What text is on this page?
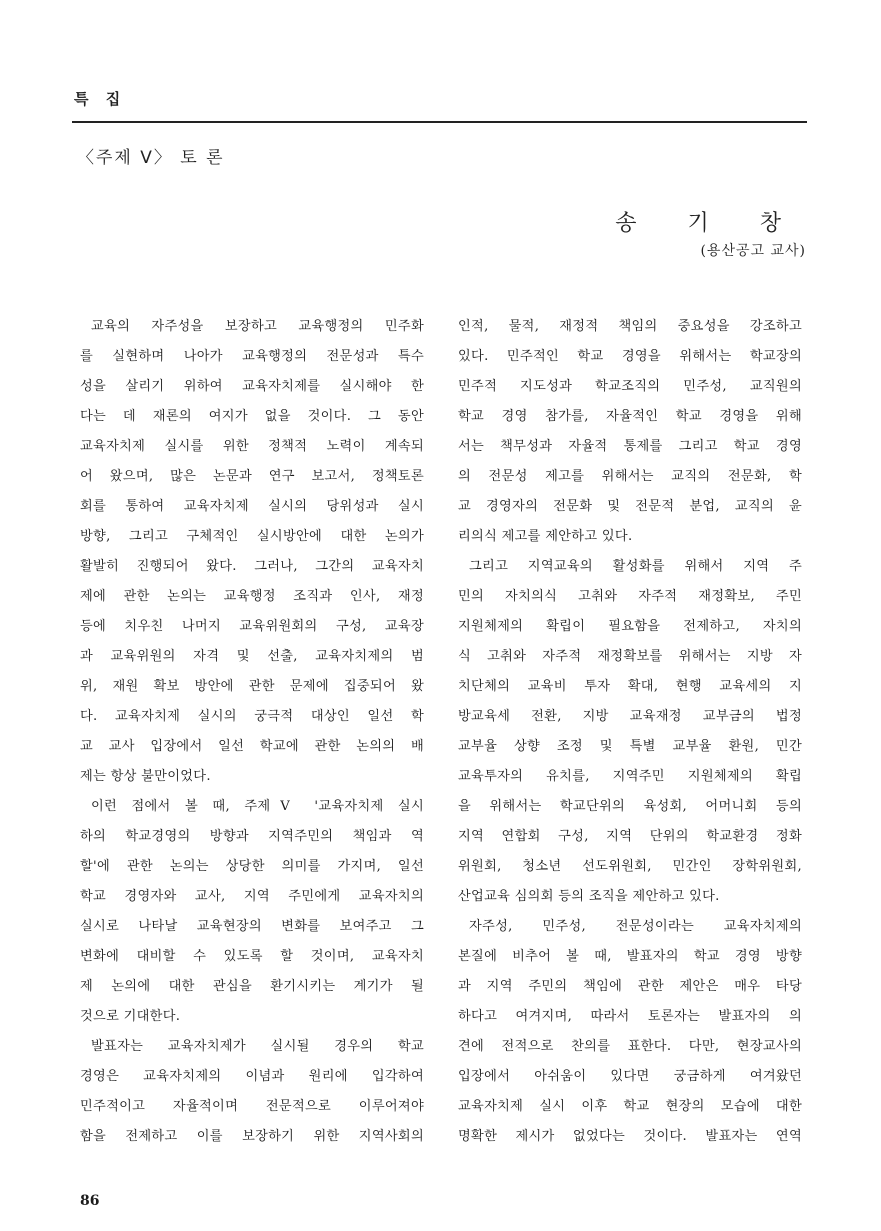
특 집
〈주제 V〉 토 론
송 기 창
(용산공고 교사)

교육의 자주성을 보장하고 교육행정의 민주화

를 실현하며 나아가 교육행정의 전문성과 특수

성을 살리기 위하여 교육자치제를 실시해야 한

다는 데 재론의 여지가 없을 것이다. 그 동안

교육자치제 실시를 위한 정책적 노력이 계속되

어 왔으며, 많은 논문과 연구 보고서, 정책토론

회를 통하여 교육자치제 실시의 당위성과 실시

방향, 그리고 구체적인 실시방안에 대한 논의가

활발히 진행되어 왔다. 그러나, 그간의 교육자치

제에 관한 논의는 교육행정 조직과 인사, 재정

등에 치우친 나머지 교육위원회의 구성, 교육장

과 교육위원의 자격 및 선출, 교육자치제의 범

위, 재원 확보 방안에 관한 문제에 집중되어 왔

다. 교육자치제 실시의 궁극적 대상인 일선 학

교 교사 입장에서 일선 학교에 관한 논의의 배

제는 항상 불만이었다.

이런 점에서 볼 때, 주제Ⅴ '교육자치제 실시

하의 학교경영의 방향과 지역주민의 책임과 역

할'에 관한 논의는 상당한 의미를 가지며, 일선

학교 경영자와 교사, 지역 주민에게 교육자치의

실시로 나타날 교육현장의 변화를 보여주고 그

변화에 대비할 수 있도록 할 것이며, 교육자치

제 논의에 대한 관심을 환기시키는 계기가 될

것으로 기대한다.

발표자는 교육자치제가 실시될 경우의 학교

경영은 교육자치제의 이념과 원리에 입각하여

민주적이고 자율적이며 전문적으로 이루어져야

함을 전제하고 이를 보장하기 위한 지역사회의

인적, 물적, 재정적 책임의 중요성을 강조하고

있다. 민주적인 학교 경영을 위해서는 학교장의

민주적 지도성과 학교조직의 민주성, 교직원의

학교 경영 참가를, 자율적인 학교 경영을 위해

서는 책무성과 자율적 통제를 그리고 학교 경영

의 전문성 제고를 위해서는 교직의 전문화, 학

교 경영자의 전문화 및 전문적 분업, 교직의 윤

리의식 제고를 제안하고 있다.

그리고 지역교육의 활성화를 위해서 지역 주

민의 자치의식 고취와 자주적 재정확보, 주민

지원체제의 확립이 필요함을 전제하고, 자치의

식 고취와 자주적 재정확보를 위해서는 지방 자

치단체의 교육비 투자 확대, 현행 교육세의 지

방교육세 전환, 지방 교육재정 교부금의 법정

교부율 상향 조정 및 특별 교부율 환원, 민간

교육투자의 유치를, 지역주민 지원체제의 확립

을 위해서는 학교단위의 육성회, 어머니회 등의

지역 연합회 구성, 지역 단위의 학교환경 정화

위원회, 청소년 선도위원회, 민간인 장학위원회,

산업교육 심의회 등의 조직을 제안하고 있다.

자주성, 민주성, 전문성이라는 교육자치제의

본질에 비추어 볼 때, 발표자의 학교 경영 방향

과 지역 주민의 책임에 관한 제안은 매우 타당

하다고 여겨지며, 따라서 토론자는 발표자의 의

견에 전적으로 찬의를 표한다. 다만, 현장교사의

입장에서 아쉬움이 있다면 궁금하게 여겨왔던

교육자치제 실시 이후 학교 현장의 모습에 대한

명확한 제시가 없었다는 것이다. 발표자는 연역

86
